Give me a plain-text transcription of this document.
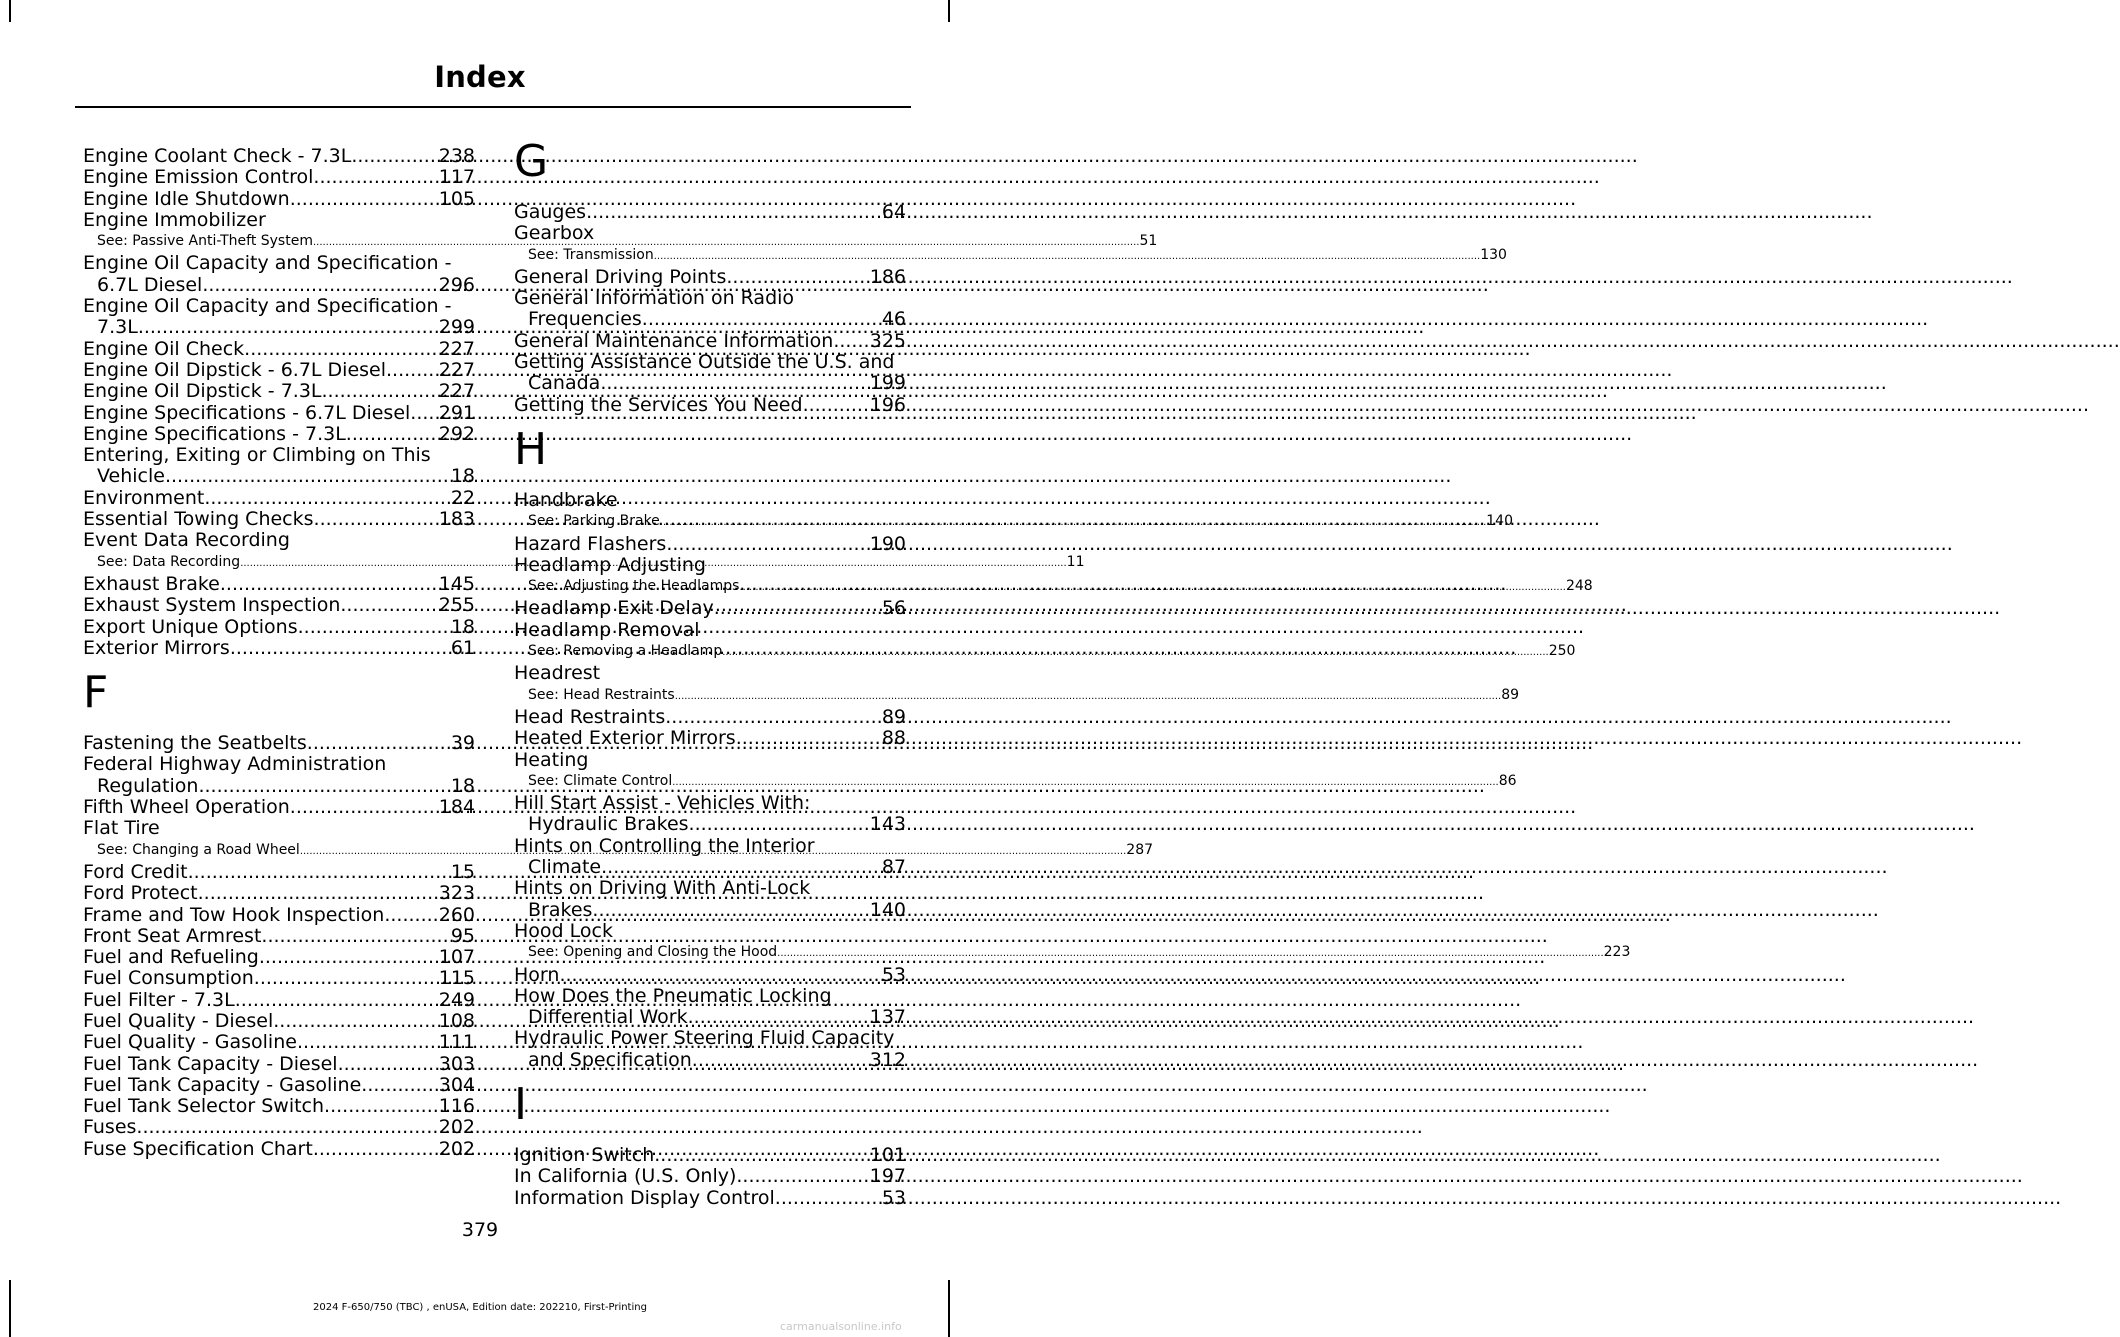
Index
Engine Coolant Check - 7.3L .....	238
Engine Emission Control .....	117
Engine Idle Shutdown .....	105
Engine Immobilizer
See: Passive Anti-Theft System .....	51
Engine Oil Capacity and Specification -
6.7L Diesel .....	296
Engine Oil Capacity and Specification -
7.3L .....	299
Engine Oil Check .....	227
Engine Oil Dipstick - 6.7L Diesel .....	227
Engine Oil Dipstick - 7.3L .....	227
Engine Specifications - 6.7L Diesel ..... 291
Engine Specifications - 7.3L .....	292
Entering, Exiting or Climbing on This
Vehicle .....	18
Environment .....	22
Essential Towing Checks .....	183
Event Data Recording
See: Data Recording .....	11
Exhaust Brake .....	145
Exhaust System Inspection .....	255
Export Unique Options .....	18
Exterior Mirrors .....	61
F
Fastening the Seatbelts .....	39
Federal Highway Administration
Regulation .....	18
Fifth Wheel Operation .....	184
Flat Tire
See: Changing a Road Wheel .....	287
Ford Credit .....	15
Ford Protect .....	323
Frame and Tow Hook Inspection .....	260
Front Seat Armrest .....	95
Fuel and Refueling .....	107
Fuel Consumption .....	115
Fuel Filter - 7.3L .....	249
Fuel Quality - Diesel .....	108
Fuel Quality - Gasoline .....	111
Fuel Tank Capacity - Diesel .....	303
Fuel Tank Capacity - Gasoline .....	304
Fuel Tank Selector Switch .....	116
Fuses .....	202
Fuse Specification Chart .....	202
G
Gauges .....	64
Gearbox
See: Transmission .....	130
General Driving Points .....	186
General Information on Radio
Frequencies .....	46
General Maintenance Information ..... 325
Getting Assistance Outside the U.S. and
Canada .....	199
Getting the Services You Need .....	196
H
Handbrake
See: Parking Brake .....	140
Hazard Flashers .....	190
Headlamp Adjusting
See: Adjusting the Headlamps .....	248
Headlamp Exit Delay .....	56
Headlamp Removal
See: Removing a Headlamp .....	250
Headrest
See: Head Restraints .....	89
Head Restraints .....	89
Heated Exterior Mirrors .....	88
Heating
See: Climate Control .....	86
Hill Start Assist - Vehicles With:
Hydraulic Brakes .....	143
Hints on Controlling the Interior
Climate .....	87
Hints on Driving With Anti-Lock
Brakes .....	140
Hood Lock
See: Opening and Closing the Hood .....	223
Horn .....	53
How Does the Pneumatic Locking
Differential Work .....	137
Hydraulic Power Steering Fluid Capacity
and Specification .....	312
I
Ignition Switch .....	101
In California (U.S. Only) .....	197
Information Display Control .....	53
379
2024 F-650/750 (TBC) , enUSA, Edition date: 202210, First-Printing
carmanualsonline.info
